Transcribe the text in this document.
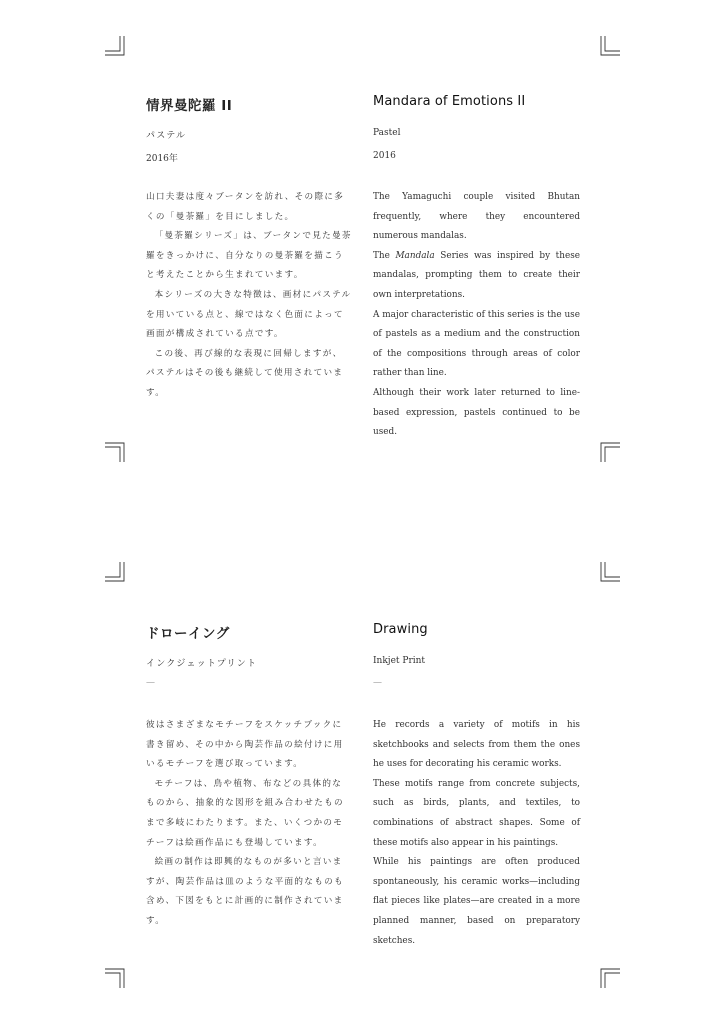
情界曼陀羅 II	Mandara of Emotions II
パステル	Pastel
2016年	2016

山口夫妻は度々ブータンを訪れ、その際に多くの「曼荼羅」を目にしました。

「曼荼羅シリーズ」は、ブータンで見た曼荼羅をきっかけに、自分なりの曼荼羅を描こうと考えたことから生まれています。

本シリーズの大きな特徴は、画材にパステルを用いている点と、線ではなく色面によって画面が構成されている点です。

この後、再び線的な表現に回帰しますが、パステルはその後も継続して使用されています。

The Yamaguchi couple visited Bhutan frequently, where they encountered numerous mandalas.

The Mandala Series was inspired by these mandalas, prompting them to create their own interpretations.

A major characteristic of this series is the use of pastels as a medium and the construction of the compositions through areas of color rather than line.

Although their work later returned to line-based expression, pastels continued to be used.

ドローイング	Drawing
インクジェットプリント	Inkjet Print
—	—

彼はさまざまなモチーフをスケッチブックに書き留め、その中から陶芸作品の絵付けに用いるモチーフを選び取っています。

モチーフは、鳥や植物、布などの具体的なものから、抽象的な図形を組み合わせたものまで多岐にわたります。また、いくつかのモチーフは絵画作品にも登場しています。

絵画の制作は即興的なものが多いと言いますが、陶芸作品は皿のような平面的なものも含め、下図をもとに計画的に制作されています。

He records a variety of motifs in his sketchbooks and selects from them the ones he uses for decorating his ceramic works.

These motifs range from concrete subjects, such as birds, plants, and textiles, to combinations of abstract shapes. Some of these motifs also appear in his paintings.

While his paintings are often produced spontaneously, his ceramic works—including flat pieces like plates—are created in a more planned manner, based on preparatory sketches.
